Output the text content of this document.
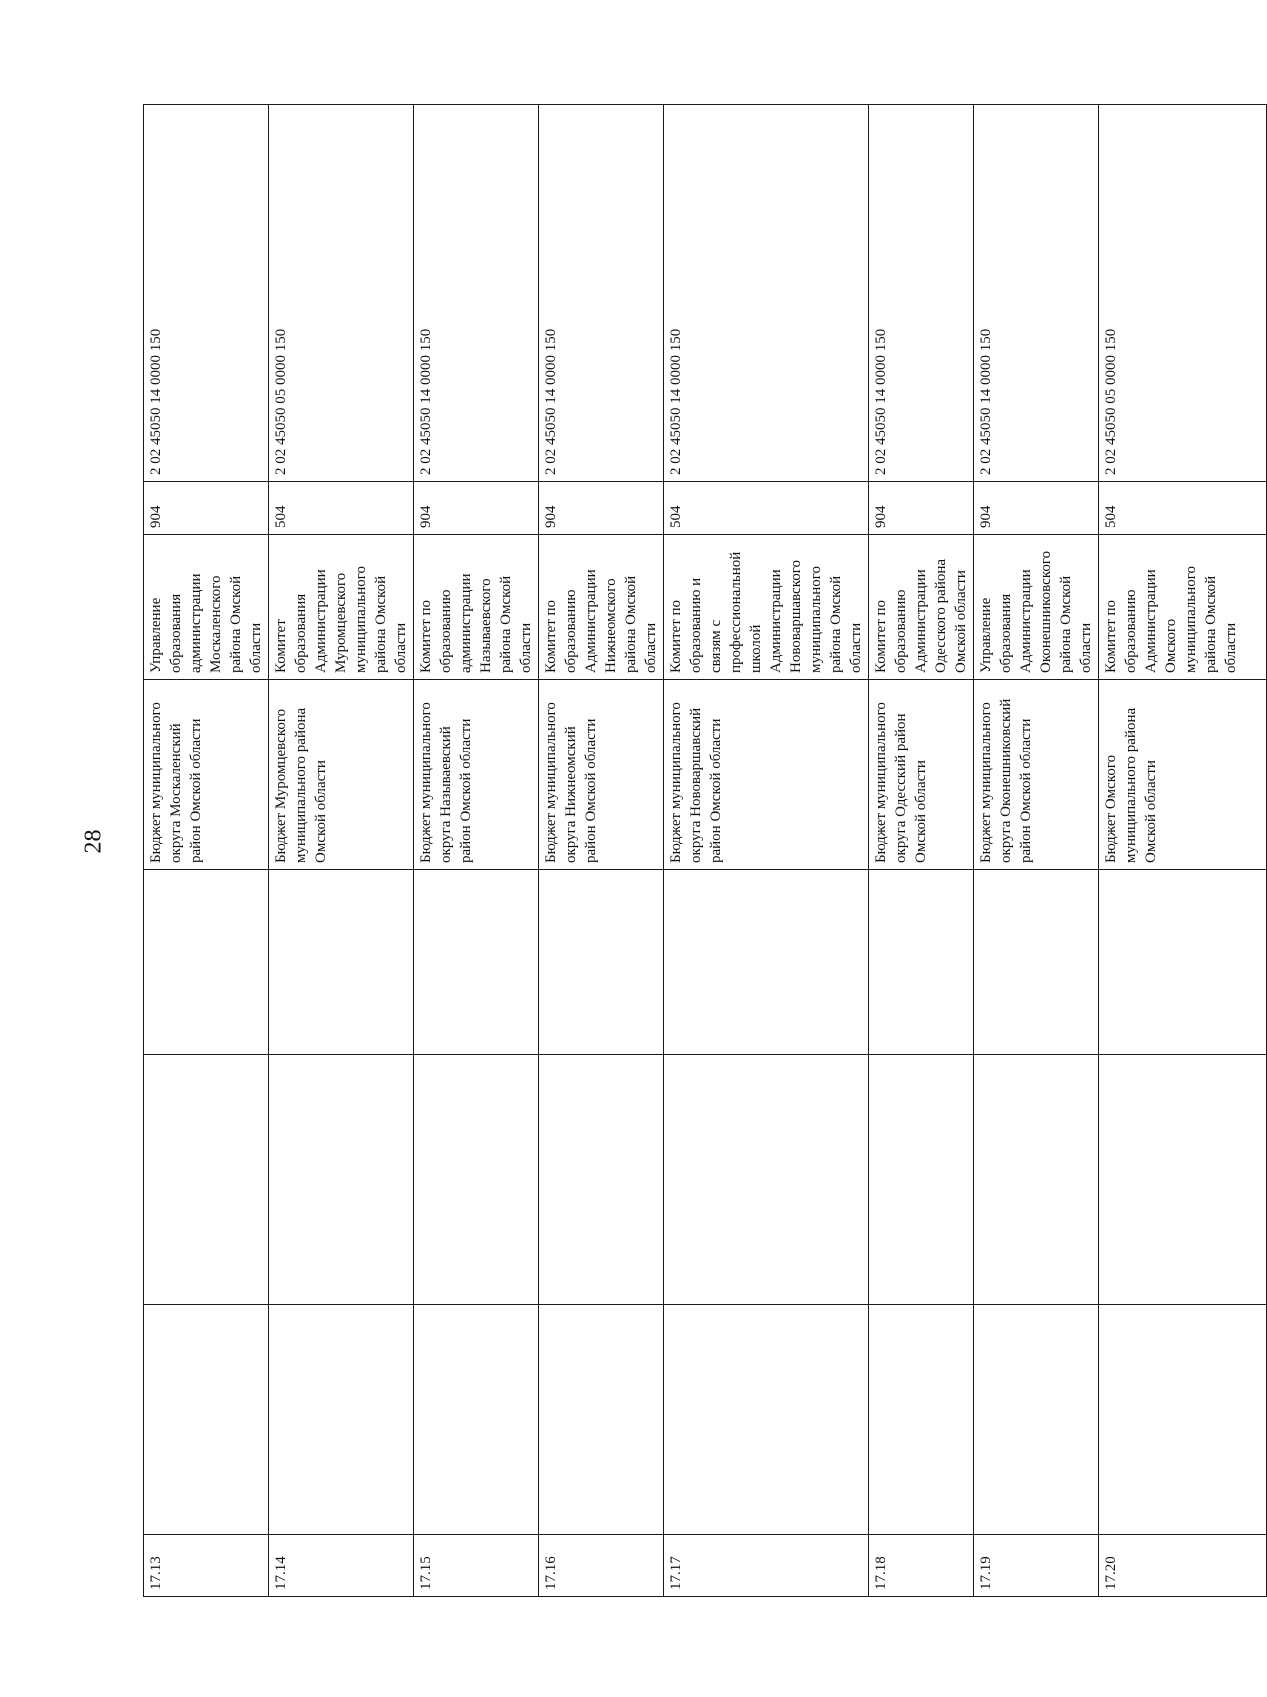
28
17.13				Бюджет муниципального округа Москаленский район Омской области	Управление образования администрации Москаленского района Омской области	904	2 02 45050 14 0000 150

17.14				Бюджет Муромцевского муниципального района Омской области	Комитет образования Администрации Муромцевского муниципального района Омской области	504	2 02 45050 05 0000 150

17.15				Бюджет муниципального округа Называевский район Омской области	Комитет по образованию администрации Называевского района Омской области	904	2 02 45050 14 0000 150

17.16				Бюджет муниципального округа Нижнеомский район Омской области	Комитет по образованию Администрации Нижнеомского района Омской области	904	2 02 45050 14 0000 150

17.17				Бюджет муниципального округа Нововаршавский район Омской области	Комитет по образованию и связям с профессиональной школой Администрации Нововаршавского муниципального района Омской области	504	2 02 45050 14 0000 150

17.18				Бюджет муниципального округа Одесский район Омской области	Комитет по образованию Администрации Одесского района Омской области	904	2 02 45050 14 0000 150

17.19				Бюджет муниципального округа Оконешниковский район Омской области	Управление образования Администрации Оконешниковского района Омской области	904	2 02 45050 14 0000 150

17.20				Бюджет Омского муниципального района Омской области	Комитет по образованию Администрации Омского муниципального района Омской области	504	2 02 45050 05 0000 150
